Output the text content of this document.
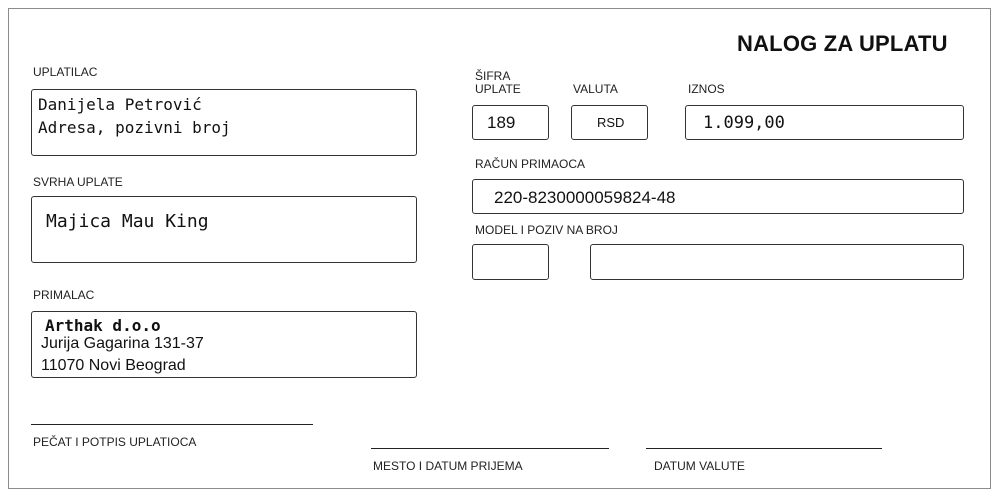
NALOG ZA UPLATU
UPLATILAC
Danijela Petrović
Adresa, pozivni broj
SVRHA UPLATE
Majica Mau King
PRIMALAC
Arthak d.o.o
Jurija Gagarina 131-37
11070 Novi Beograd
ŠIFRA
UPLATE
189
VALUTA
RSD
IZNOS
1.099,00
RAČUN PRIMAOCA
220-8230000059824-48
MODEL I POZIV NA BROJ
PEČAT I POTPIS UPLATIOCA
MESTO I DATUM PRIJEMA	DATUM VALUTE
